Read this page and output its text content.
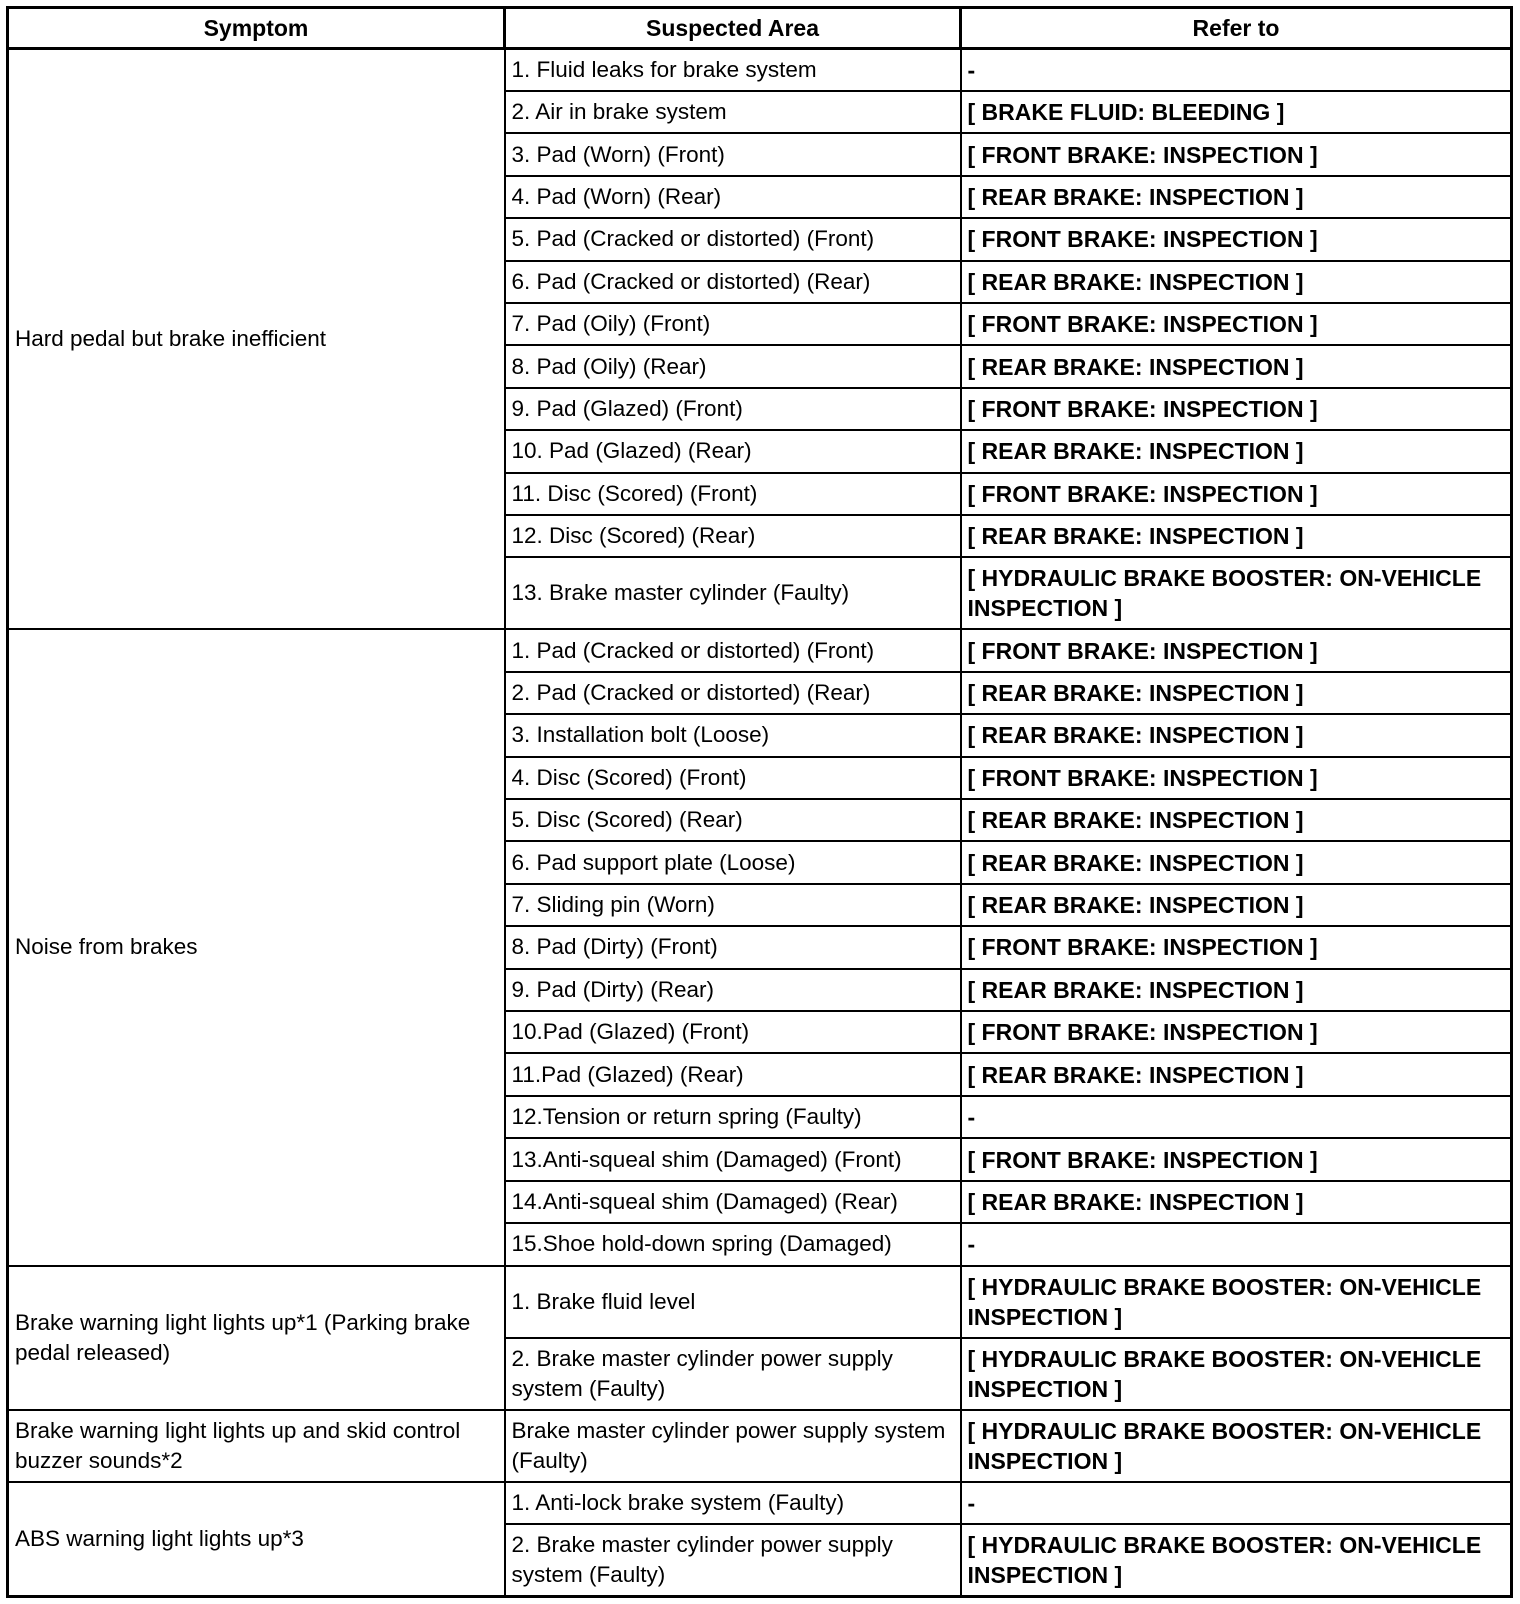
Symptom	Suspected Area	Refer to
Hard pedal but brake inefficient	1. Fluid leaks for brake system	-
	2. Air in brake system	[ BRAKE FLUID: BLEEDING ]
	3. Pad (Worn) (Front)	[ FRONT BRAKE: INSPECTION ]
	4. Pad (Worn) (Rear)	[ REAR BRAKE: INSPECTION ]
	5. Pad (Cracked or distorted) (Front)	[ FRONT BRAKE: INSPECTION ]
	6. Pad (Cracked or distorted) (Rear)	[ REAR BRAKE: INSPECTION ]
	7. Pad (Oily) (Front)	[ FRONT BRAKE: INSPECTION ]
	8. Pad (Oily) (Rear)	[ REAR BRAKE: INSPECTION ]
	9. Pad (Glazed) (Front)	[ FRONT BRAKE: INSPECTION ]
	10. Pad (Glazed) (Rear)	[ REAR BRAKE: INSPECTION ]
	11. Disc (Scored) (Front)	[ FRONT BRAKE: INSPECTION ]
	12. Disc (Scored) (Rear)	[ REAR BRAKE: INSPECTION ]
	13. Brake master cylinder (Faulty)	[ HYDRAULIC BRAKE BOOSTER: ON-VEHICLE INSPECTION ]
Noise from brakes	1. Pad (Cracked or distorted) (Front)	[ FRONT BRAKE: INSPECTION ]
	2. Pad (Cracked or distorted) (Rear)	[ REAR BRAKE: INSPECTION ]
	3. Installation bolt (Loose)	[ REAR BRAKE: INSPECTION ]
	4. Disc (Scored) (Front)	[ FRONT BRAKE: INSPECTION ]
	5. Disc (Scored) (Rear)	[ REAR BRAKE: INSPECTION ]
	6. Pad support plate (Loose)	[ REAR BRAKE: INSPECTION ]
	7. Sliding pin (Worn)	[ REAR BRAKE: INSPECTION ]
	8. Pad (Dirty) (Front)	[ FRONT BRAKE: INSPECTION ]
	9. Pad (Dirty) (Rear)	[ REAR BRAKE: INSPECTION ]
	10.Pad (Glazed) (Front)	[ FRONT BRAKE: INSPECTION ]
	11.Pad (Glazed) (Rear)	[ REAR BRAKE: INSPECTION ]
	12.Tension or return spring (Faulty)	-
	13.Anti-squeal shim (Damaged) (Front)	[ FRONT BRAKE: INSPECTION ]
	14.Anti-squeal shim (Damaged) (Rear)	[ REAR BRAKE: INSPECTION ]
	15.Shoe hold-down spring (Damaged)	-
Brake warning light lights up*1 (Parking brake pedal released)	1. Brake fluid level	[ HYDRAULIC BRAKE BOOSTER: ON-VEHICLE INSPECTION ]
	2. Brake master cylinder power supply system (Faulty)	[ HYDRAULIC BRAKE BOOSTER: ON-VEHICLE INSPECTION ]
Brake warning light lights up and skid control buzzer sounds*2	Brake master cylinder power supply system (Faulty)	[ HYDRAULIC BRAKE BOOSTER: ON-VEHICLE INSPECTION ]
ABS warning light lights up*3	1. Anti-lock brake system (Faulty)	-
	2. Brake master cylinder power supply system (Faulty)	[ HYDRAULIC BRAKE BOOSTER: ON-VEHICLE INSPECTION ]
